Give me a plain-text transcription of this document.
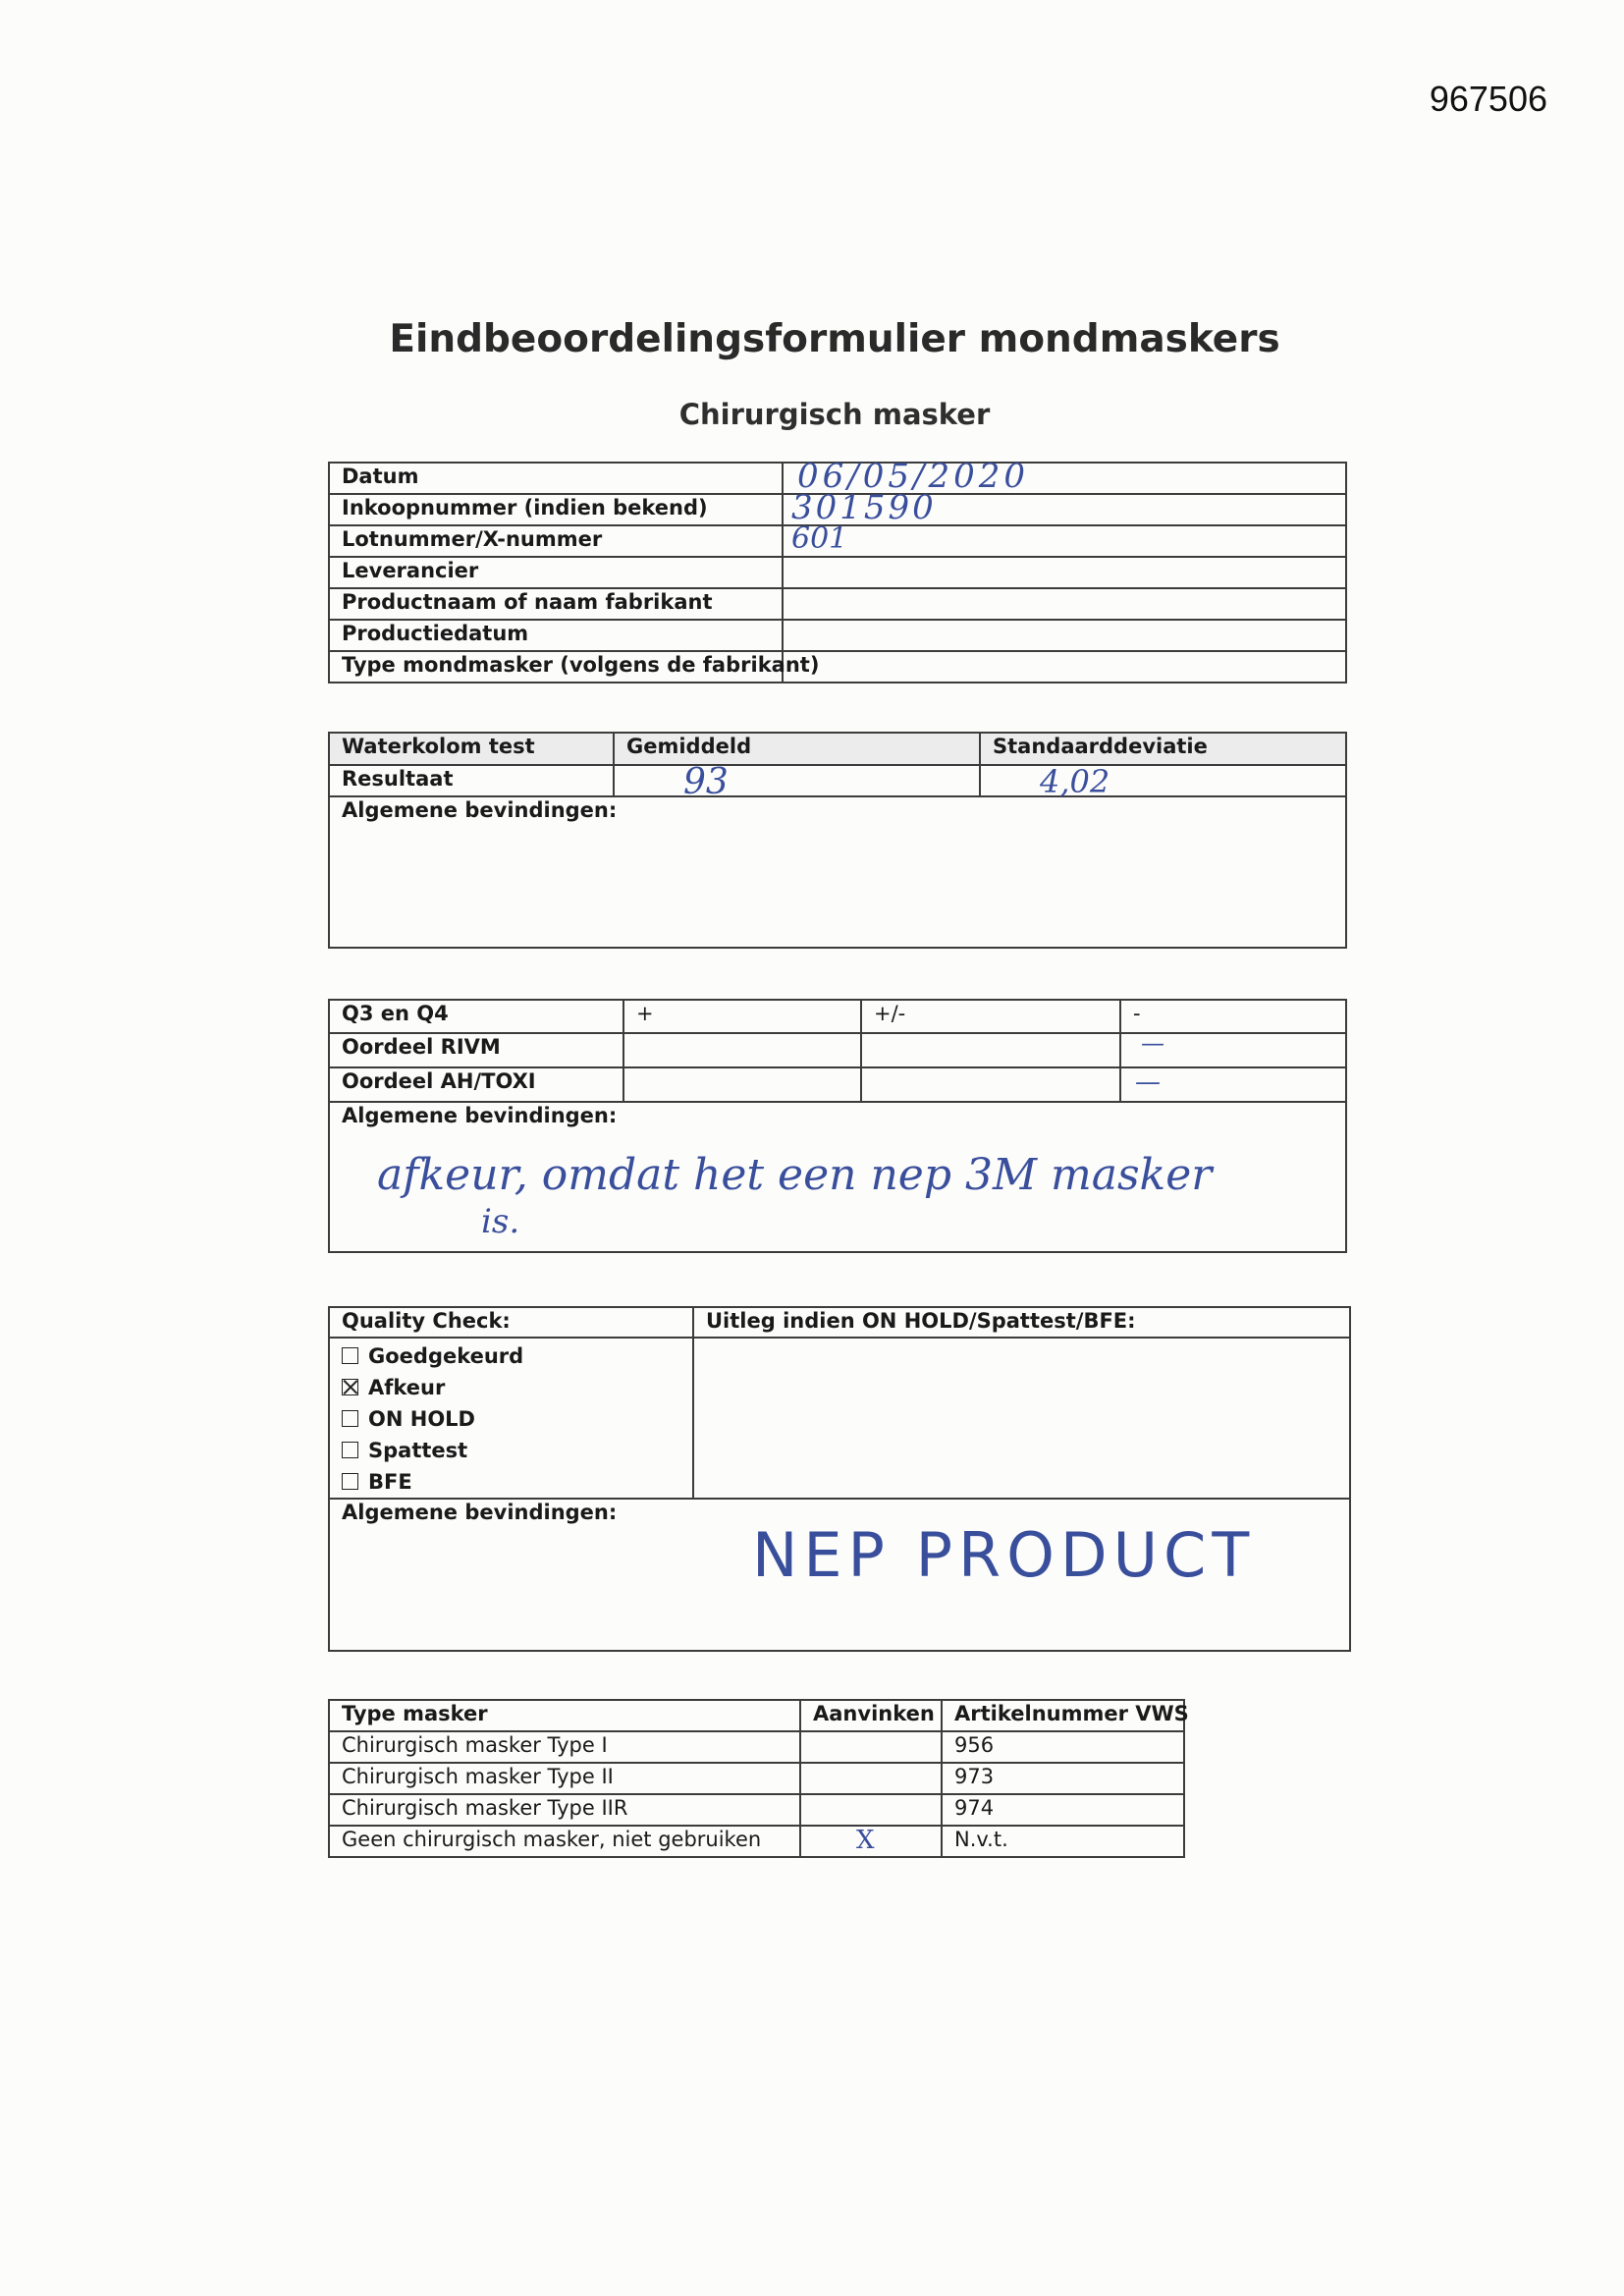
967506
Eindbeoordelingsformulier mondmaskers
Chirurgisch masker
Datum	06/05/2020

Inkoopnummer (indien bekend)	301590

Lotnummer/X-nummer	601

Leverancier	
Productnaam of naam fabrikant	
Productiedatum	
Type mondmasker (volgens de fabrikant)	
Waterkolom test	Gemiddeld	Standaarddeviatie
Resultaat	93	4,02

Algemene bevindingen:		
Q3 en Q4	+	+/-	-
Oordeel RIVM			—

Oordeel AH/TOXI			—

Algemene bevindingen:
afkeur, omdat het een nep 3M masker
is.			
Quality Check:	Uitleg indien ON HOLD/Spattest/BFE:

Goedgekeurd
Afkeur
ON HOLD
Spattest
BFE	

Algemene bevindingen:
NEP PRODUCT	
Type masker	Aanvinken	Artikelnummer VWS
Chirurgisch masker Type I		956
Chirurgisch masker Type II		973
Chirurgisch masker Type IIR		974
Geen chirurgisch masker, niet gebruiken	X	N.v.t.
